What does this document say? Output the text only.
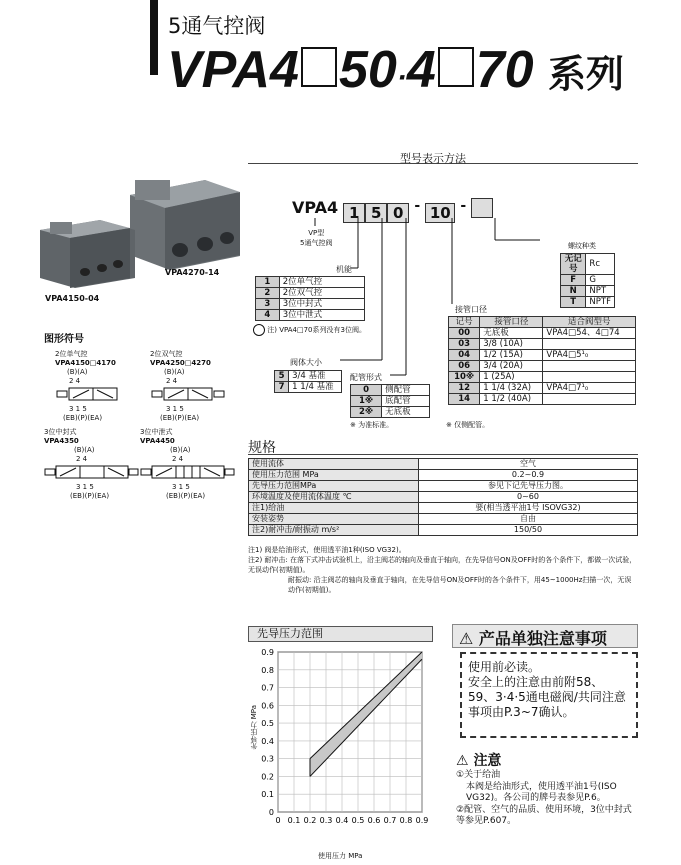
5通气控阀
VPA4 50·4 70 系列
VPA4150-04
VPA4270-14
图形符号
2位单气控
VPA4150□4170
(B)(A)
2 4
3 1 5
(EB)(P)(EA)
2位双气控
VPA4250□4270
(B)(A)
2 4
3 1 5
(EB)(P)(EA)
3位中封式
VPA4350
(B)(A)
2 4
3 1 5
(EB)(P)(EA)
3位中泄式
VPA4450
(B)(A)
2 4
3 1 5
(EB)(P)(EA)
型号表示方法
VPA4 1 5 0 - 10 -
VP型
5通气控阀
机能
1	2位单气控
2	2位双气控
3	3位中封式
4	3位中泄式
注) VPA4□70系列没有3位阀。
阀体大小
5	3/4 基准
7	1 1/4 基准
配管形式
0	侧配管
1※	底配管
2※	无底板
※ 为准标准。
螺纹种类
无记号	Rc
F	G
N	NPT
T	NPTF
接管口径
记号	接管口径	适合阀型号
00	无底板	VPA4□54、4□74
03	3/8 (10A)	
04	1/2 (15A)	VPA4□5¹₀
06	3/4 (20A)	
10※	1 (25A)	
12	1 1/4 (32A)	VPA4□7¹₀
14	1 1/2 (40A)	
※ 仅侧配管。
规格
使用流体	空气
使用压力范围 MPa	0.2~0.9
先导压力范围MPa	参见下记先导压力图。
环境温度及使用流体温度 ℃	0~60
注1)给油	要(相当透平油1号 ISOVG32)
安装姿势	自由
注2)耐冲击/耐振动 m/s²	150/50
注1) 阀是给油形式，使用透平油1种(ISO VG32)。
注2) 耐冲击: 在落下式冲击试验机上，沿主阀芯的轴向及垂直于轴向，在先导信号ON及OFF时的各个条件下，都做一次试验，无误动作(初期值)。
耐振动: 沿主阀芯的轴向及垂直于轴向，在先导信号ON及OFF时的各个条件下，用45~1000Hz扫描一次，无误动作(初期值)。
先导压力范围
0 0.1 0.2 0.3 0.4 0.5 0.6 0.7 0.8 0.9
0
0.1
0.2
0.3
0.4
0.5
0.6
0.7
0.8
0.9
先导压力 MPa
使用压力 MPa
⚠ 产品单独注意事项
使用前必读。
安全上的注意由前附58、59、3·4·5通电磁阀/共同注意事项由P.3~7确认。
⚠ 注意
①关于给油
本阀是给油形式，使用透平油1号(ISO VG32)。各公司的牌号表参见P.6。
②配管、空气的品质、使用环境，3位中封式等参见P.607。
